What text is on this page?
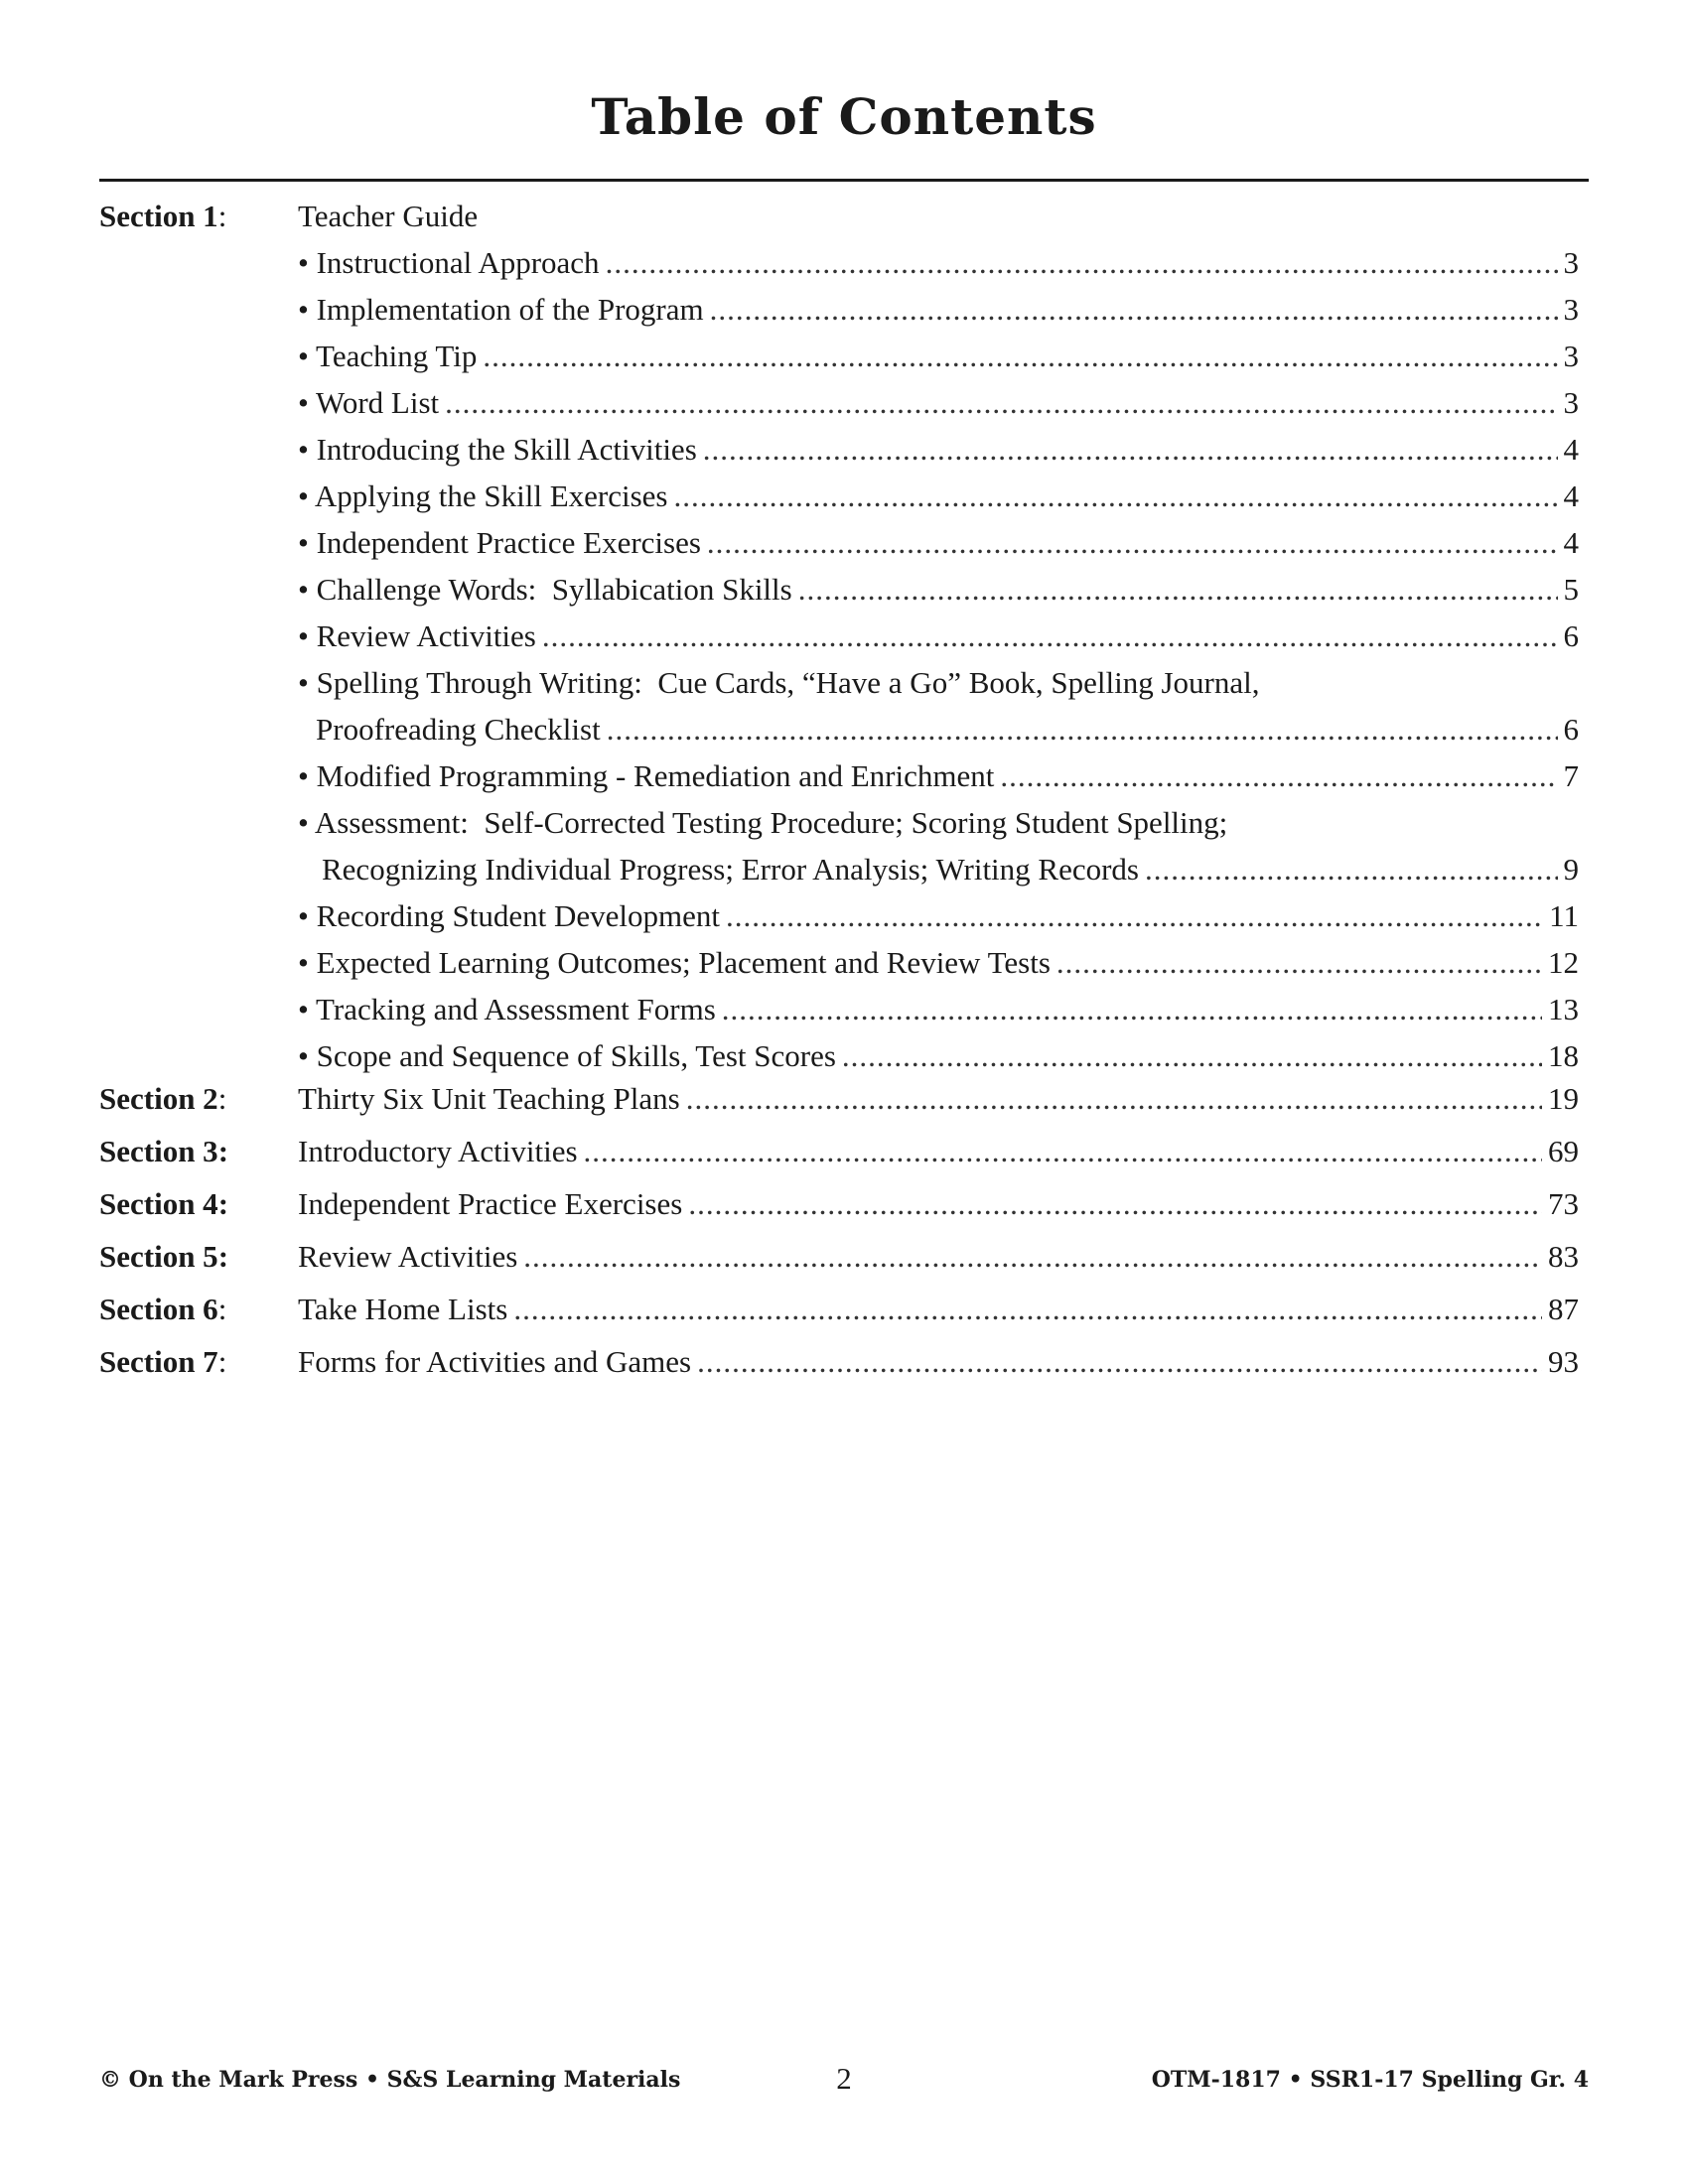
Table of Contents
Section 1: Teacher Guide
• Instructional Approach .....	3
• Implementation of the Program .....	3
• Teaching Tip .....	3
• Word List .....	3
• Introducing the Skill Activities .....	4
• Applying the Skill Exercises .....	4
• Independent Practice Exercises .....	4
• Challenge Words:  Syllabication Skills .....	5
• Review Activities .....	6
• Spelling Through Writing:  Cue Cards, “Have a Go” Book, Spelling Journal,
Proofreading Checklist .....	6
• Modified Programming - Remediation and Enrichment .....	7
• Assessment:  Self-Corrected Testing Procedure; Scoring Student Spelling;
Recognizing Individual Progress; Error Analysis; Writing Records .....	9
• Recording Student Development .....	11
• Expected Learning Outcomes; Placement and Review Tests .....	12
• Tracking and Assessment Forms .....	13
• Scope and Sequence of Skills, Test Scores .....	18
Section 2: Thirty Six Unit Teaching Plans .....	19
Section 3: Introductory Activities .....	69
Section 4: Independent Practice Exercises .....	73
Section 5: Review Activities .....	83
Section 6: Take Home Lists .....	87
Section 7: Forms for Activities and Games .....	93
© On the Mark Press • S&S Learning Materials	2	OTM-1817 • SSR1-17 Spelling Gr. 4
